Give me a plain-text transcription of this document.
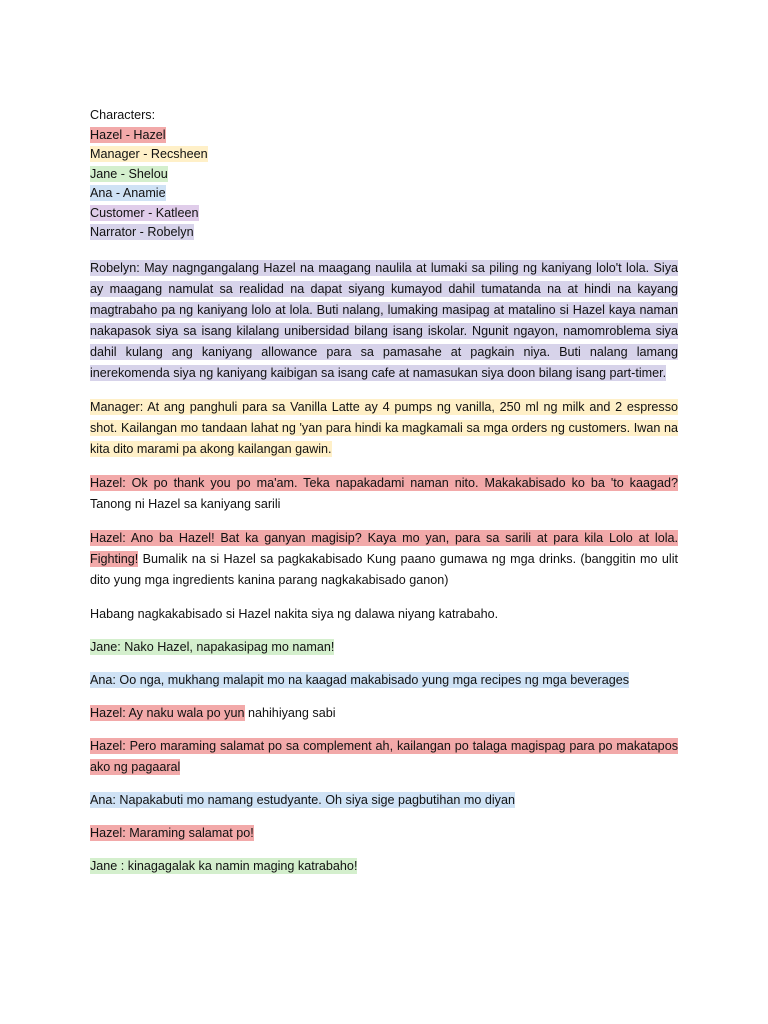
Characters:
Hazel - Hazel
Manager - Recsheen
Jane - Shelou
Ana - Anamie
Customer - Katleen
Narrator - Robelyn

Robelyn: May nagngangalang Hazel na maagang naulila at lumaki sa piling ng kaniyang lolo't lola. Siya ay maagang namulat sa realidad na dapat siyang kumayod dahil tumatanda na at hindi na kayang magtrabaho pa ng kaniyang lolo at lola. Buti nalang, lumaking masipag at matalino si Hazel kaya naman nakapasok siya sa isang kilalang unibersidad bilang isang iskolar. Ngunit ngayon, namomroblema siya dahil kulang ang kaniyang allowance para sa pamasahe at pagkain niya. Buti nalang lamang inerekomenda siya ng kaniyang kaibigan sa isang cafe at namasukan siya doon bilang isang part-timer.

Manager: At ang panghuli para sa Vanilla Latte ay 4 pumps ng vanilla, 250 ml ng milk and 2 espresso shot. Kailangan mo tandaan lahat ng 'yan para hindi ka magkamali sa mga orders ng customers. Iwan na kita dito marami pa akong kailangan gawin.

Hazel: Ok po thank you po ma'am. Teka napakadami naman nito. Makakabisado ko ba 'to kaagad? Tanong ni Hazel sa kaniyang sarili

Hazel: Ano ba Hazel! Bat ka ganyan magisip? Kaya mo yan, para sa sarili at para kila Lolo at lola. Fighting! Bumalik na si Hazel sa pagkakabisado Kung paano gumawa ng mga drinks. (banggitin mo ulit dito yung mga ingredients kanina parang nagkakabisado ganon)

Habang nagkakabisado si Hazel nakita siya ng dalawa niyang katrabaho.

Jane: Nako Hazel, napakasipag mo naman!

Ana: Oo nga, mukhang malapit mo na kaagad makabisado yung mga recipes ng mga beverages

Hazel: Ay naku wala po yun nahihiyang sabi

Hazel: Pero maraming salamat po sa complement ah, kailangan po talaga magispag para po makatapos ako ng pagaaral

Ana: Napakabuti mo namang estudyante. Oh siya sige pagbutihan mo diyan

Hazel: Maraming salamat po!

Jane : kinagagalak ka namin maging katrabaho!
